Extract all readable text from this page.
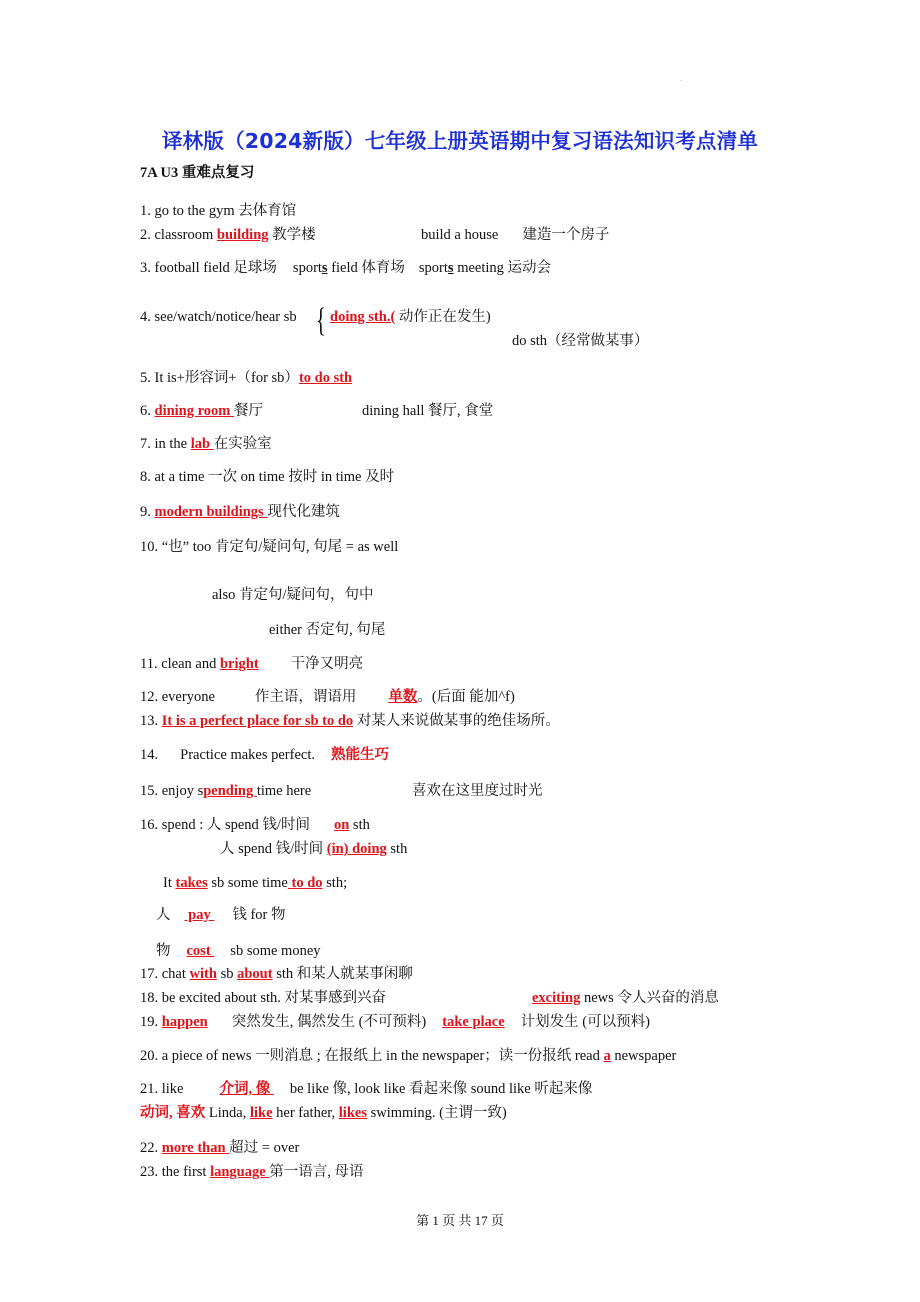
.
译林版（2024新版）七年级上册英语期中复习语法知识考点清单
7A U3 重难点复习
1. go to the gym 去体育馆
2. classroom building 教学楼	build a house 建造一个房子
3. football field 足球场 sports field 体育场 sports meeting 运动会
4. see/watch/notice/hear sb { doing sth.( 动作正在发生)
do sth（经常做某事）
5. It is+形容词+（for sb）to do sth
6. dining room 餐厅	dining hall 餐厅, 食堂
7. in the lab 在实验室
8. at a time 一次 on time 按时 in time 及时
9. modern buildings 现代化建筑
10. “也” too 肯定句/疑问句, 句尾 = as well
also 肯定句/疑问句，句中
either 否定句, 句尾
11. clean and bright 干净又明亮
12. everyone	作主语，谓语用 单数。(后面 能加^f)
13. It is a perfect place for sb to do 对某人来说做某事的绝佳场所。
14. Practice makes perfect. 熟能生巧
15. enjoy spending time here	喜欢在这里度过时光
16. spend : 人 spend 钱/时间 on sth
人 spend 钱/时间 (in) doing sth
It takes sb some time to do sth;
人 pay 钱 for 物
物 cost sb some money
17. chat with sb about sth 和某人就某事闲聊
18. be excited about sth. 对某事感到兴奋	exciting news 令人兴奋的消息
19. happen 突然发生, 偶然发生 (不可预料) take place 计划发生 (可以预料)
20. a piece of news 一则消息 ; 在报纸上 in the newspaper；读一份报纸 read a newspaper
21. like 介词, 像 be like 像, look like 看起来像 sound like 听起来像
动词, 喜欢 Linda, like her father, likes swimming. (主谓一致)
22. more than 超过 = over
23. the first language 第一语言, 母语
第 1 页 共 17 页
